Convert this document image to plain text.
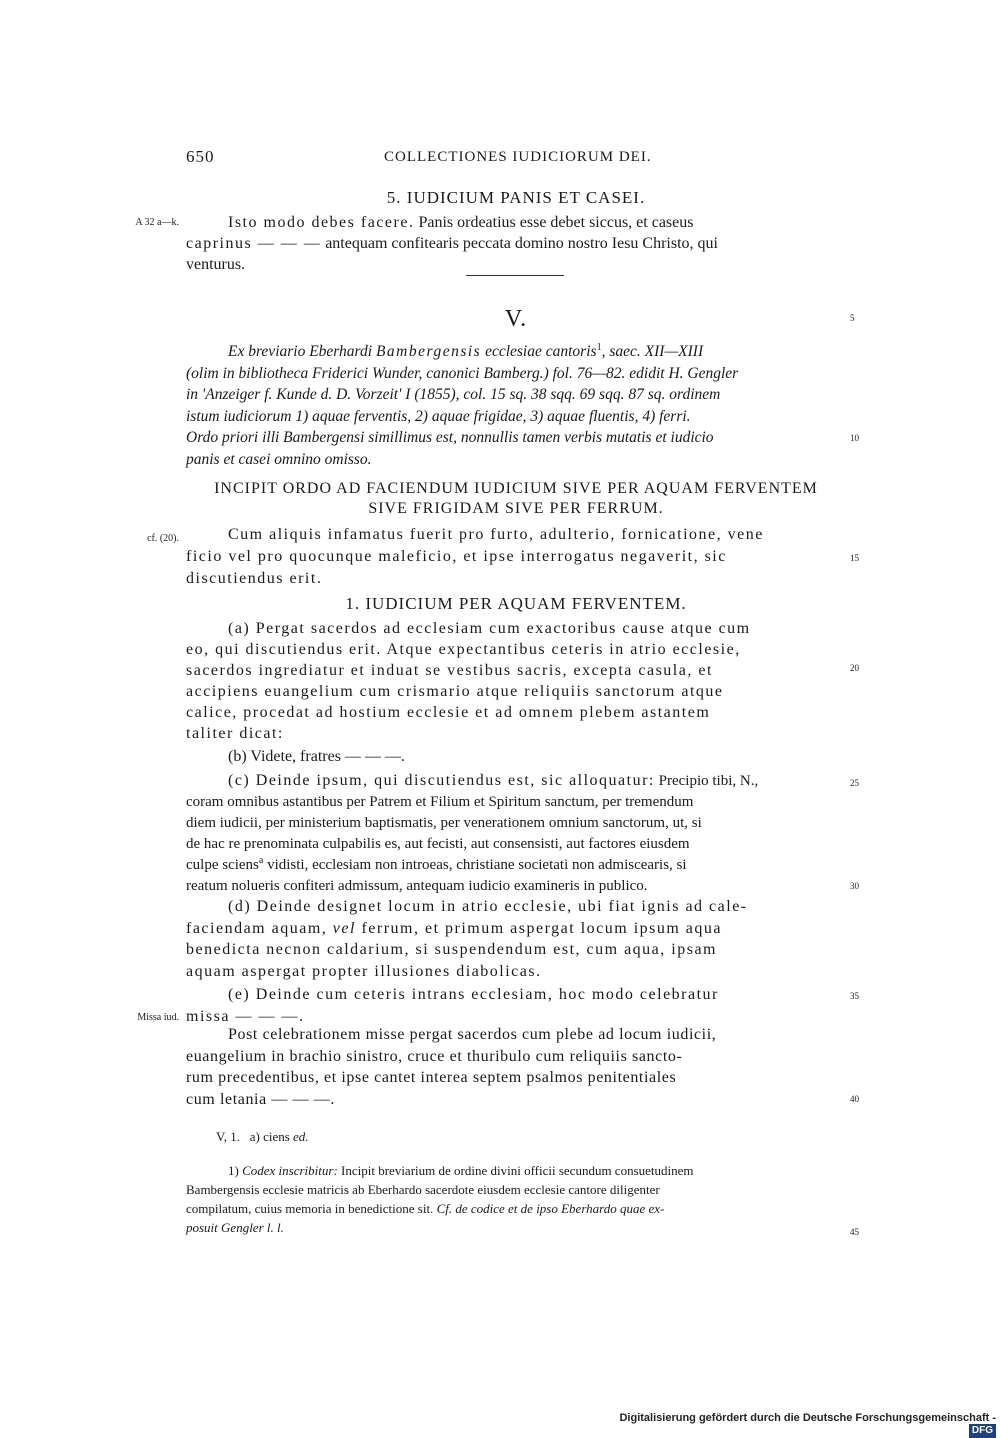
650	COLLECTIONES IUDICIORUM DEI.
5. IUDICIUM PANIS ET CASEI.
A 32 a—k.	Isto modo debes facere. Panis ordeatius esse debet siccus, et caseus
caprinus — — — antequam confitearis peccata domino nostro Iesu Christo, qui
venturus.

V.	5

Ex breviario Eberhardi Bambergensis ecclesiae cantoris$^1$, saec. XII—XIII
(olim in bibliotheca Friderici Wunder, canonici Bamberg.) fol. 76—82. edidit H. Gengler
in 'Anzeiger f. Kunde d. D. Vorzeit' I (1855), col. 15 sq. 38 sqq. 69 sqq. 87 sq. ordinem
istum iudiciorum 1) aquae ferventis, 2) aquae frigidae, 3) aquae fluentis, 4) ferri.
Ordo priori illi Bambergensi simillimus est, nonnullis tamen verbis mutatis et iudicio
panis et casei omnino omisso.

10
INCIPIT ORDO AD FACIENDUM IUDICIUM SIVE PER AQUAM FERVENTEM
SIVE FRIGIDAM SIVE PER FERRUM.
cf. (20).	Cum aliquis infamatus fuerit pro furto, adulterio, fornicatione, vene
ficio vel pro quocunque maleficio, et ipse interrogatus negaverit, sic
discutiendus erit.

15
1. IUDICIUM PER AQUAM FERVENTEM.

(a) Pergat sacerdos ad ecclesiam cum exactoribus cause atque cum
eo, qui discutiendus erit. Atque expectantibus ceteris in atrio ecclesie,
sacerdos ingrediatur et induat se vestibus sacris, excepta casula, et
accipiens euangelium cum crismario atque reliquiis sanctorum atque
calice, procedat ad hostium ecclesie et ad omnem plebem astantem
taliter dicat:

20

(b) Videte, fratres — — —.

(c) Deinde ipsum, qui discutiendus est, sic alloquatur: Precipio tibi, N.,
coram omnibus astantibus per Patrem et Filium et Spiritum sanctum, per tremendum
diem iudicii, per ministerium baptismatis, per venerationem omnium sanctorum, ut, si
de hac re prenominata culpabilis es, aut fecisti, aut consensisti, aut factores eiusdem
culpe sciens$^a$ vidisti, ecclesiam non introeas, christiane societati non admiscearis, si
reatum nolueris confiteri admissum, antequam iudicio examineris in publico.

25
30

(d) Deinde designet locum in atrio ecclesie, ubi fiat ignis ad cale-
faciendam aquam, vel ferrum, et primum aspergat locum ipsum aqua
benedicta necnon caldarium, si suspendendum est, cum aqua, ipsam
aquam aspergat propter illusiones diabolicas.

(e) Deinde cum ceteris intrans ecclesiam, hoc modo celebratur
missa — — —.

35
Missa iud.

Post celebrationem misse pergat sacerdos cum plebe ad locum iudicii,
euangelium in brachio sinistro, cruce et thuribulo cum reliquiis sancto-
rum precedentibus, et ipse cantet interea septem psalmos penitentiales
cum letania — — —.	40
V, 1. a) ciens ed.

1) Codex inscribitur: Incipit breviarium de ordine divini officii secundum consuetudinem
Bambergensis ecclesie matricis ab Eberhardo sacerdote eiusdem ecclesie cantore diligenter
compilatum, cuius memoria in benedictione sit. Cf. de codice et de ipso Eberhardo quae ex-
posuit Gengler l. l.	45
Digitalisierung gefördert durch die Deutsche Forschungsgemeinschaft -DFG
